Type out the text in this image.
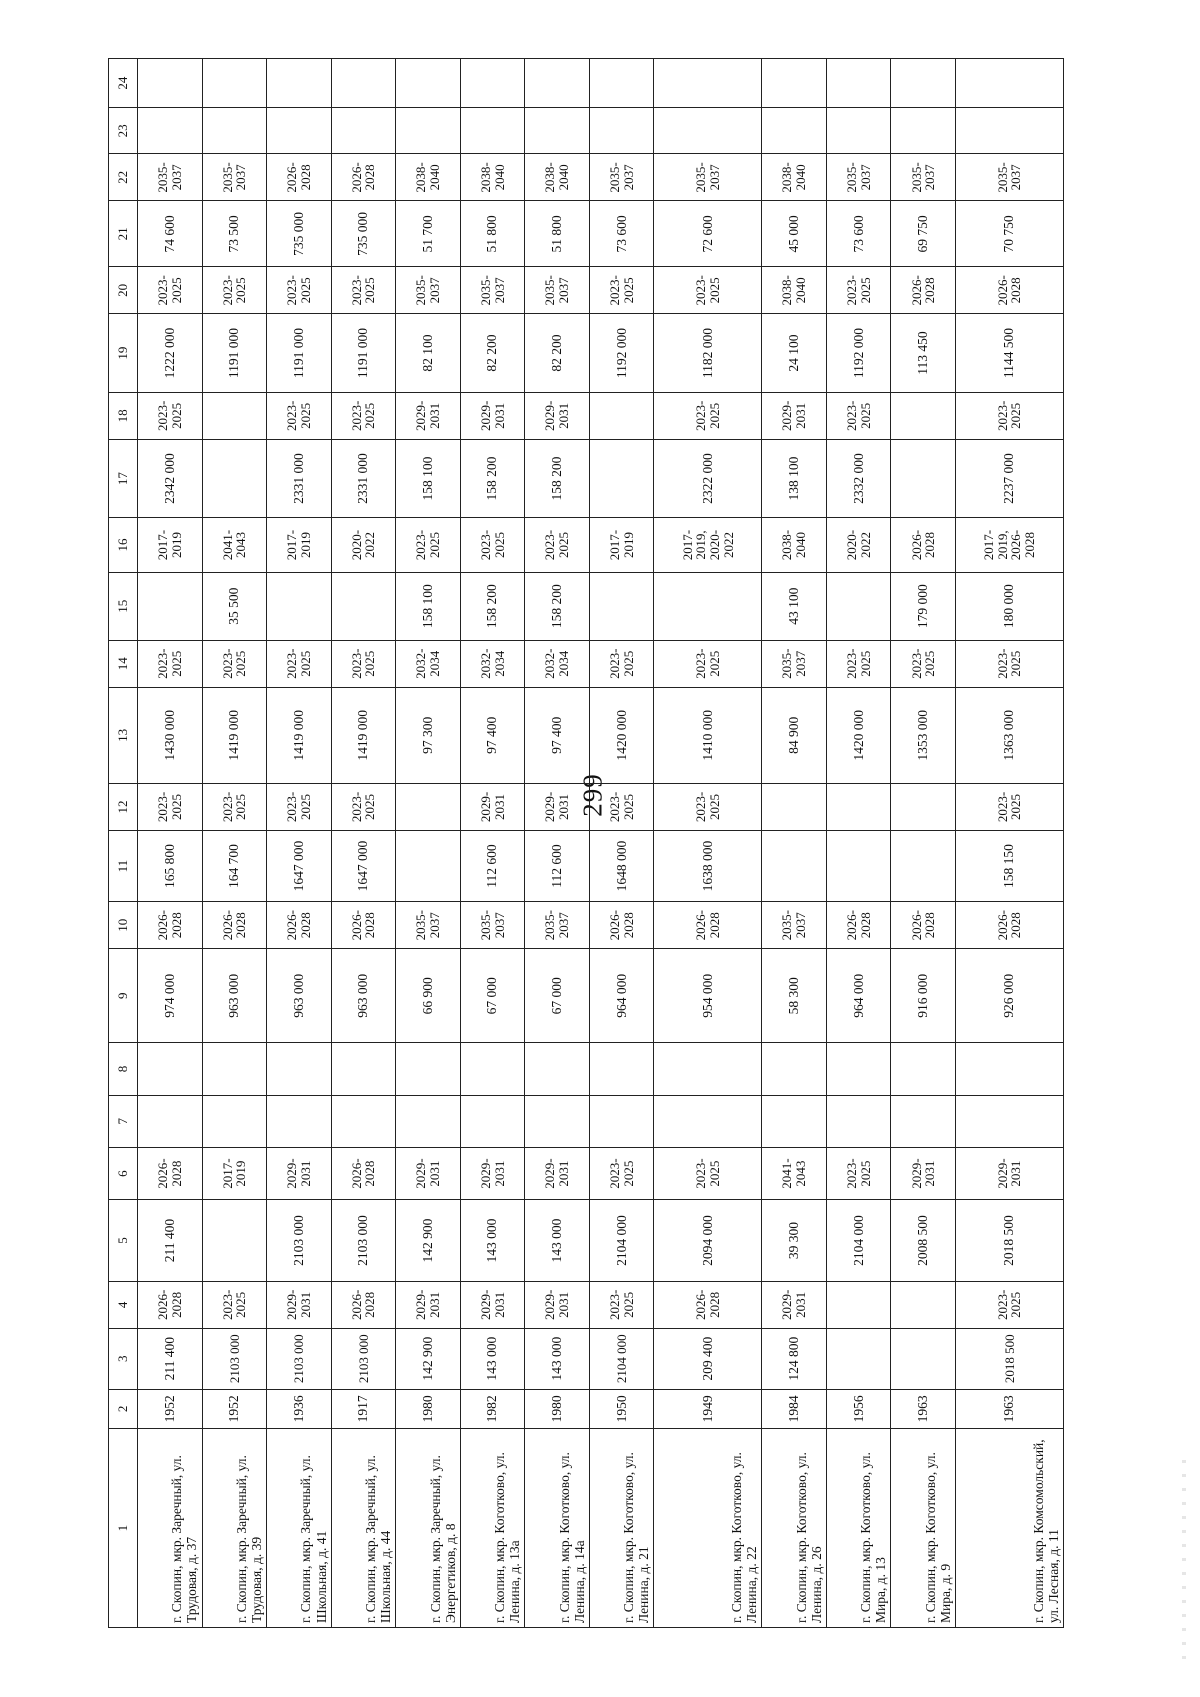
299
1	2	3	4	5	6	7	8	9	10	11	12	13	14	15	16	17	18	19	20	21	22	23	24
г. Скопин, мкр. Заречный, ул. Трудовая, д. 37	1952	211 400	2026-2028	211 400	2026-2028			974 000	2026-2028	165 800	2023-2025	1430 000	2023-2025		2017-2019	2342 000	2023-2025	1222 000	2023-2025	74 600	2035-2037		
г. Скопин, мкр. Заречный, ул. Трудовая, д. 39	1952	2103 000	2023-2025		2017-2019			963 000	2026-2028	164 700	2023-2025	1419 000	2023-2025	35 500	2041-2043			1191 000	2023-2025	73 500	2035-2037		
г. Скопин, мкр. Заречный, ул. Школьная, д. 41	1936	2103 000	2029-2031	2103 000	2029-2031			963 000	2026-2028	1647 000	2023-2025	1419 000	2023-2025		2017-2019	2331 000	2023-2025	1191 000	2023-2025	735 000	2026-2028		
г. Скопин, мкр. Заречный, ул. Школьная, д. 44	1917	2103 000	2026-2028	2103 000	2026-2028			963 000	2026-2028	1647 000	2023-2025	1419 000	2023-2025		2020-2022	2331 000	2023-2025	1191 000	2023-2025	735 000	2026-2028		
г. Скопин, мкр. Заречный, ул. Энергетиков, д. 8	1980	142 900	2029-2031	142 900	2029-2031			66 900	2035-2037			97 300	2032-2034	158 100	2023-2025	158 100	2029-2031	82 100	2035-2037	51 700	2038-2040		
г. Скопин, мкр. Коготково, ул. Ленина, д. 13а	1982	143 000	2029-2031	143 000	2029-2031			67 000	2035-2037	112 600	2029-2031	97 400	2032-2034	158 200	2023-2025	158 200	2029-2031	82 200	2035-2037	51 800	2038-2040		
г. Скопин, мкр. Коготково, ул. Ленина, д. 14а	1980	143 000	2029-2031	143 000	2029-2031			67 000	2035-2037	112 600	2029-2031	97 400	2032-2034	158 200	2023-2025	158 200	2029-2031	82 200	2035-2037	51 800	2038-2040		
г. Скопин, мкр. Коготково, ул. Ленина, д. 21	1950	2104 000	2023-2025	2104 000	2023-2025			964 000	2026-2028	1648 000	2023-2025	1420 000	2023-2025		2017-2019			1192 000	2023-2025	73 600	2035-2037		
г. Скопин, мкр. Коготково, ул. Ленина, д. 22	1949	209 400	2026-2028	2094 000	2023-2025			954 000	2026-2028	1638 000	2023-2025	1410 000	2023-2025		2017-2019, 2020-2022	2322 000	2023-2025	1182 000	2023-2025	72 600	2035-2037		
г. Скопин, мкр. Коготково, ул. Ленина, д. 26	1984	124 800	2029-2031	39 300	2041-2043			58 300	2035-2037			84 900	2035-2037	43 100	2038-2040	138 100	2029-2031	24 100	2038-2040	45 000	2038-2040		
г. Скопин, мкр. Коготково, ул. Мира, д. 13	1956			2104 000	2023-2025			964 000	2026-2028			1420 000	2023-2025		2020-2022	2332 000	2023-2025	1192 000	2023-2025	73 600	2035-2037		
г. Скопин, мкр. Коготково, ул. Мира, д. 9	1963			2008 500	2029-2031			916 000	2026-2028			1353 000	2023-2025	179 000	2026-2028			113 450	2026-2028	69 750	2035-2037		
г. Скопин, мкр. Комсомольский, ул. Лесная, д. 11	1963	2018 500	2023-2025	2018 500	2029-2031			926 000	2026-2028	158 150	2023-2025	1363 000	2023-2025	180 000	2017-2019, 2026-2028	2237 000	2023-2025	1144 500	2026-2028	70 750	2035-2037		
